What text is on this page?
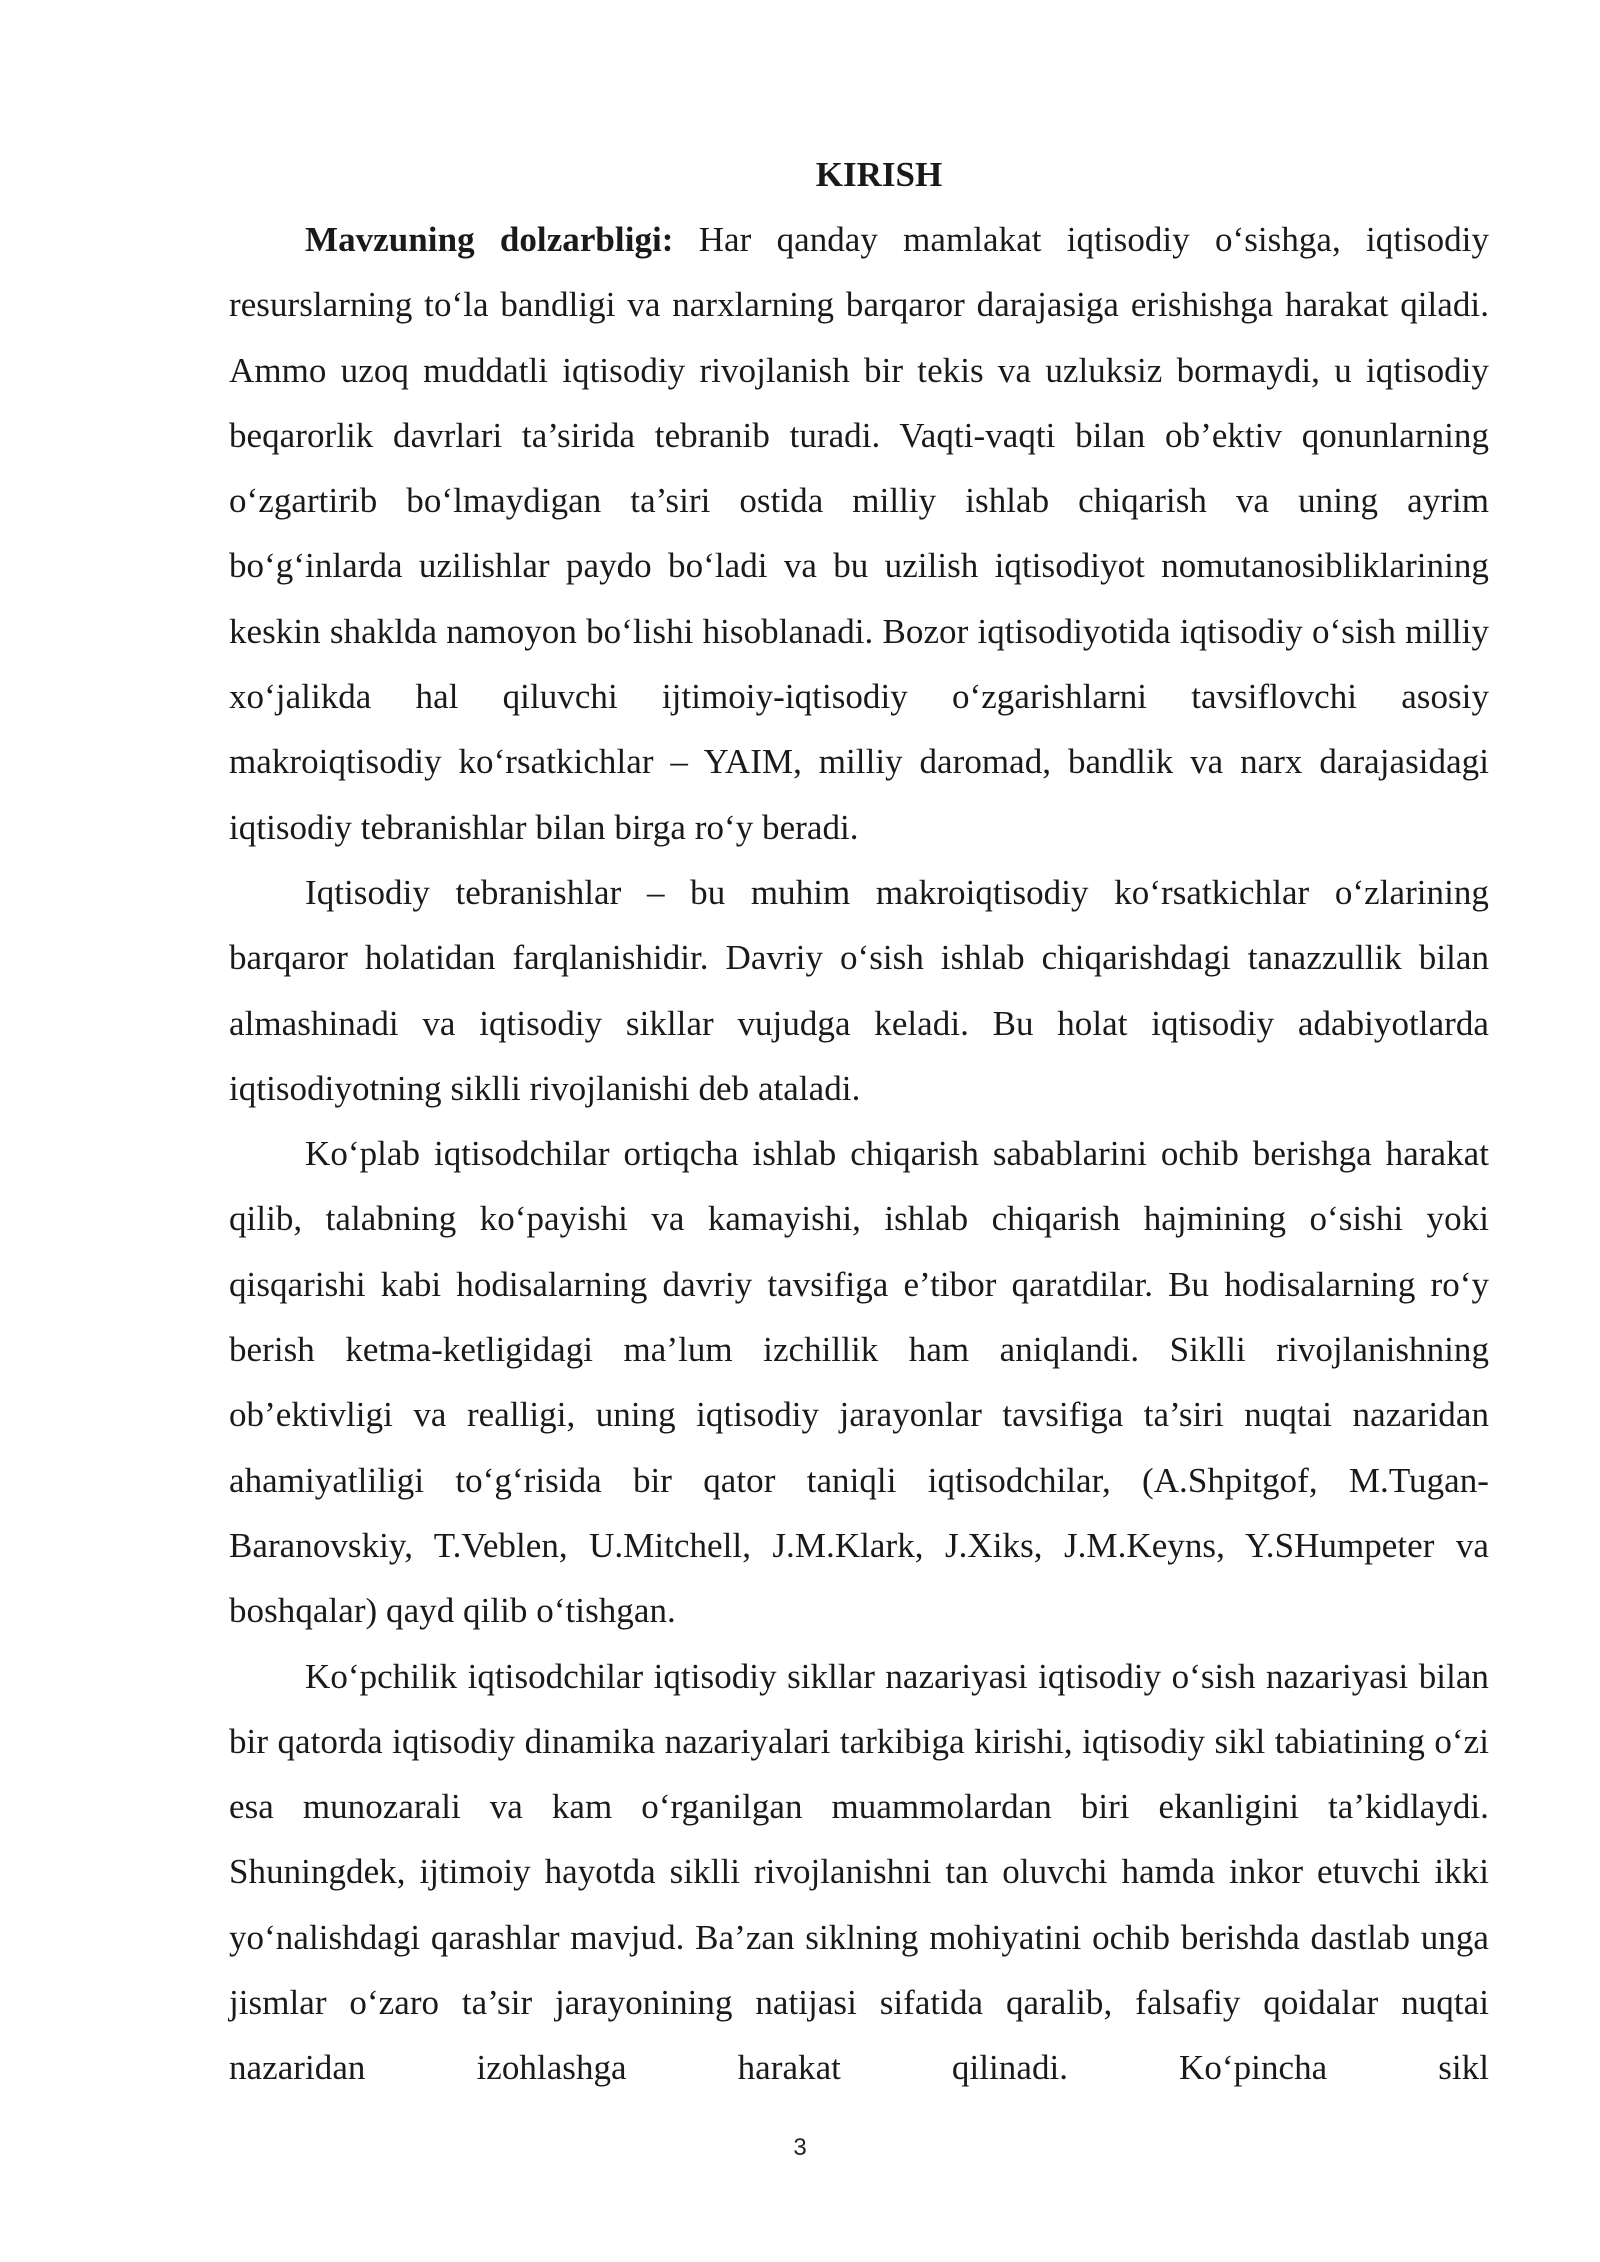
KIRISH

Mavzuning dolzarbligi: Har qanday mamlakat iqtisodiy o‘sishga, iqtisodiy resurslarning to‘la bandligi va narxlarning barqaror darajasiga erishishga harakat qiladi. Ammo uzoq muddatli iqtisodiy rivojlanish bir tekis va uzluksiz bormaydi, u iqtisodiy beqarorlik davrlari ta’sirida tebranib turadi. Vaqti-vaqti bilan ob’ektiv qonunlarning o‘zgartirib bo‘lmaydigan ta’siri ostida milliy ishlab chiqarish va uning ayrim bo‘g‘inlarda uzilishlar paydo bo‘ladi va bu uzilish iqtisodiyot nomutanosibliklarining keskin shaklda namoyon bo‘lishi hisoblanadi. Bozor iqtisodiyotida iqtisodiy o‘sish milliy xo‘jalikda hal qiluvchi ijtimoiy-iqtisodiy o‘zgarishlarni tavsiflovchi asosiy makroiqtisodiy ko‘rsatkichlar – YAIM, milliy daromad, bandlik va narx darajasidagi iqtisodiy tebranishlar bilan birga ro‘y beradi.

Iqtisodiy tebranishlar – bu muhim makroiqtisodiy ko‘rsatkichlar o‘zlarining barqaror holatidan farqlanishidir. Davriy o‘sish ishlab chiqarishdagi tanazzullik bilan almashinadi va iqtisodiy sikllar vujudga keladi. Bu holat iqtisodiy adabiyotlarda iqtisodiyotning siklli rivojlanishi deb ataladi.

Ko‘plab iqtisodchilar ortiqcha ishlab chiqarish sabablarini ochib berishga harakat qilib, talabning ko‘payishi va kamayishi, ishlab chiqarish hajmining o‘sishi yoki qisqarishi kabi hodisalarning davriy tavsifiga e’tibor qaratdilar. Bu hodisalarning ro‘y berish ketma-ketligidagi ma’lum izchillik ham aniqlandi. Siklli rivojlanishning ob’ektivligi va realligi, uning iqtisodiy jarayonlar tavsifiga ta’siri nuqtai nazaridan ahamiyatliligi to‘g‘risida bir qator taniqli iqtisodchilar, (A.Shpitgof, M.Tugan-Baranovskiy, T.Veblen, U.Mitchell, J.M.Klark, J.Xiks, J.M.Keyns, Y.SHumpeter va boshqalar) qayd qilib o‘tishgan.

Ko‘pchilik iqtisodchilar iqtisodiy sikllar nazariyasi iqtisodiy o‘sish nazariyasi bilan bir qatorda iqtisodiy dinamika nazariyalari tarkibiga kirishi, iqtisodiy sikl tabiatining o‘zi esa munozarali va kam o‘rganilgan muammolardan biri ekanligini ta’kidlaydi. Shuningdek, ijtimoiy hayotda siklli rivojlanishni tan oluvchi hamda inkor etuvchi ikki yo‘nalishdagi qarashlar mavjud. Ba’zan siklning mohiyatini ochib berishda dastlab unga jismlar o‘zaro ta’sir jarayonining natijasi sifatida qaralib, falsafiy qoidalar nuqtai nazaridan izohlashga harakat qilinadi. Ko‘pincha sikl

3
